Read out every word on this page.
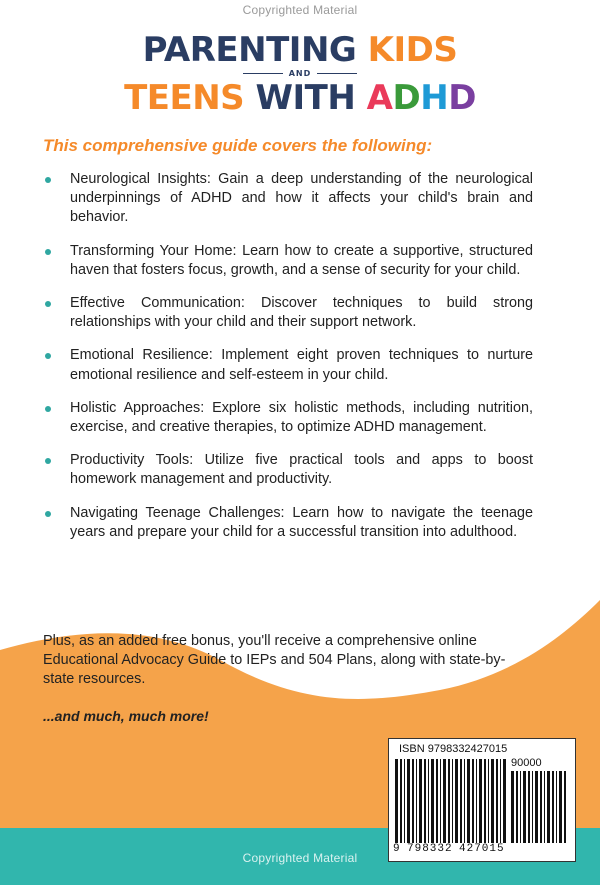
Copyrighted Material
PARENTING KIDS
AND
TEENS WITH ADHD
This comprehensive guide covers the following:
Neurological Insights: Gain a deep understanding of the neurological underpinnings of ADHD and how it affects your child's brain and behavior.
Transforming Your Home: Learn how to create a supportive, structured haven that fosters focus, growth, and a sense of security for your child.
Effective Communication: Discover techniques to build strong relationships with your child and their support network.
Emotional Resilience: Implement eight proven techniques to nurture emotional resilience and self-esteem in your child.
Holistic Approaches: Explore six holistic methods, including nutrition, exercise, and creative therapies, to optimize ADHD management.
Productivity Tools: Utilize five practical tools and apps to boost homework management and productivity.
Navigating Teenage Challenges: Learn how to navigate the teenage years and prepare your child for a successful transition into adulthood.
Plus, as an added free bonus, you'll receive a comprehensive online Educational Advocacy Guide to IEPs and 504 Plans, along with state-by-state resources.
...and much, much more!
ISBN 9798332427015
90000
9 798332 427015
Copyrighted Material
